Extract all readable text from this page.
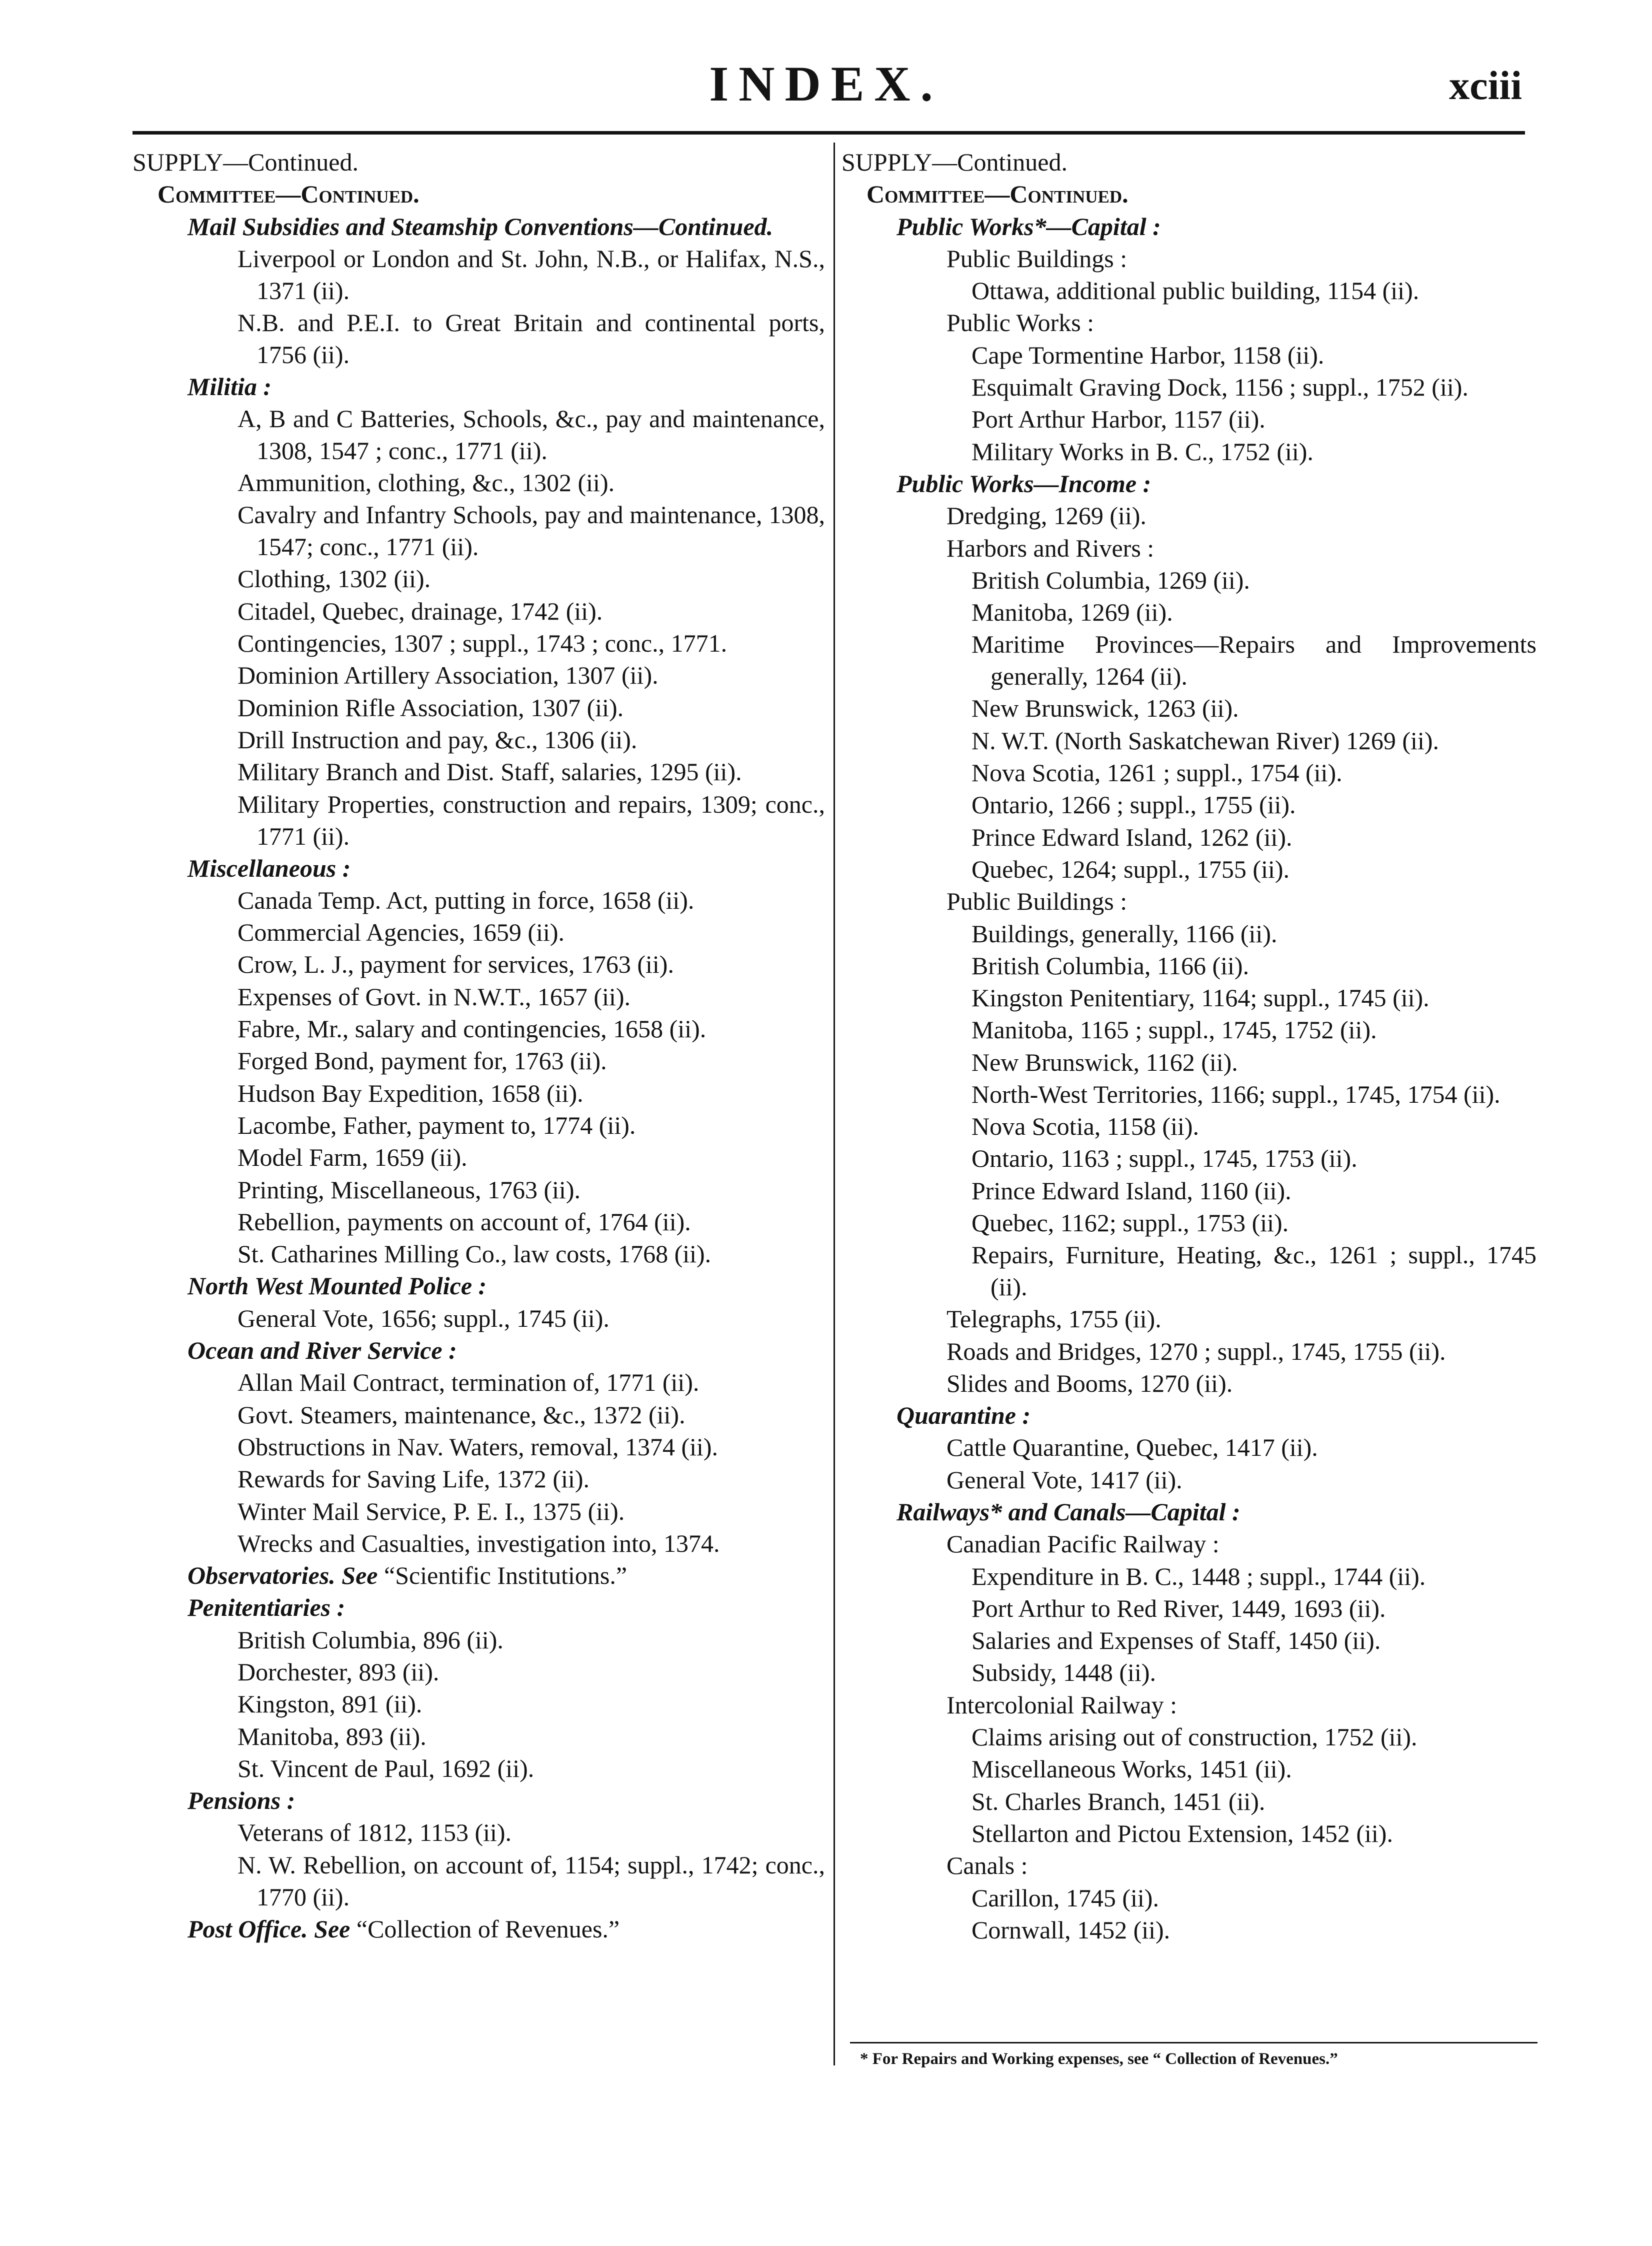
INDEX.	xciii
SUPPLY—Continued.
Committee—Continued.
Mail Subsidies and Steamship Conventions—Continued.
Liverpool or London and St. John, N.B., or Halifax, N.S., 1371 (ii).
N.B. and P.E.I. to Great Britain and continental ports, 1756 (ii).
Militia :
A, B and C Batteries, Schools, &c., pay and maintenance, 1308, 1547 ; conc., 1771 (ii).
Ammunition, clothing, &c., 1302 (ii).
Cavalry and Infantry Schools, pay and maintenance, 1308, 1547; conc., 1771 (ii).
Clothing, 1302 (ii).
Citadel, Quebec, drainage, 1742 (ii).
Contingencies, 1307 ; suppl., 1743 ; conc., 1771.
Dominion Artillery Association, 1307 (ii).
Dominion Rifle Association, 1307 (ii).
Drill Instruction and pay, &c., 1306 (ii).
Military Branch and Dist. Staff, salaries, 1295 (ii).
Military Properties, construction and repairs, 1309; conc., 1771 (ii).
Miscellaneous :
Canada Temp. Act, putting in force, 1658 (ii).
Commercial Agencies, 1659 (ii).
Crow, L. J., payment for services, 1763 (ii).
Expenses of Govt. in N.W.T., 1657 (ii).
Fabre, Mr., salary and contingencies, 1658 (ii).
Forged Bond, payment for, 1763 (ii).
Hudson Bay Expedition, 1658 (ii).
Lacombe, Father, payment to, 1774 (ii).
Model Farm, 1659 (ii).
Printing, Miscellaneous, 1763 (ii).
Rebellion, payments on account of, 1764 (ii).
St. Catharines Milling Co., law costs, 1768 (ii).
North West Mounted Police :
General Vote, 1656; suppl., 1745 (ii).
Ocean and River Service :
Allan Mail Contract, termination of, 1771 (ii).
Govt. Steamers, maintenance, &c., 1372 (ii).
Obstructions in Nav. Waters, removal, 1374 (ii).
Rewards for Saving Life, 1372 (ii).
Winter Mail Service, P. E. I., 1375 (ii).
Wrecks and Casualties, investigation into, 1374.
Observatories. See “Scientific Institutions.”
Penitentiaries :
British Columbia, 896 (ii).
Dorchester, 893 (ii).
Kingston, 891 (ii).
Manitoba, 893 (ii).
St. Vincent de Paul, 1692 (ii).
Pensions :
Veterans of 1812, 1153 (ii).
N. W. Rebellion, on account of, 1154; suppl., 1742; conc., 1770 (ii).
Post Office. See “Collection of Revenues.”
SUPPLY—Continued.
Committee—Continued.
Public Works*—Capital :
Public Buildings :
Ottawa, additional public building, 1154 (ii).
Public Works :
Cape Tormentine Harbor, 1158 (ii).
Esquimalt Graving Dock, 1156 ; suppl., 1752 (ii).
Port Arthur Harbor, 1157 (ii).
Military Works in B. C., 1752 (ii).
Public Works—Income :
Dredging, 1269 (ii).
Harbors and Rivers :
British Columbia, 1269 (ii).
Manitoba, 1269 (ii).
Maritime Provinces—Repairs and Improvements generally, 1264 (ii).
New Brunswick, 1263 (ii).
N. W.T. (North Saskatchewan River) 1269 (ii).
Nova Scotia, 1261 ; suppl., 1754 (ii).
Ontario, 1266 ; suppl., 1755 (ii).
Prince Edward Island, 1262 (ii).
Quebec, 1264; suppl., 1755 (ii).
Public Buildings :
Buildings, generally, 1166 (ii).
British Columbia, 1166 (ii).
Kingston Penitentiary, 1164; suppl., 1745 (ii).
Manitoba, 1165 ; suppl., 1745, 1752 (ii).
New Brunswick, 1162 (ii).
North-West Territories, 1166; suppl., 1745, 1754 (ii).
Nova Scotia, 1158 (ii).
Ontario, 1163 ; suppl., 1745, 1753 (ii).
Prince Edward Island, 1160 (ii).
Quebec, 1162; suppl., 1753 (ii).
Repairs, Furniture, Heating, &c., 1261 ; suppl., 1745 (ii).
Telegraphs, 1755 (ii).
Roads and Bridges, 1270 ; suppl., 1745, 1755 (ii).
Slides and Booms, 1270 (ii).
Quarantine :
Cattle Quarantine, Quebec, 1417 (ii).
General Vote, 1417 (ii).
Railways* and Canals—Capital :
Canadian Pacific Railway :
Expenditure in B. C., 1448 ; suppl., 1744 (ii).
Port Arthur to Red River, 1449, 1693 (ii).
Salaries and Expenses of Staff, 1450 (ii).
Subsidy, 1448 (ii).
Intercolonial Railway :
Claims arising out of construction, 1752 (ii).
Miscellaneous Works, 1451 (ii).
St. Charles Branch, 1451 (ii).
Stellarton and Pictou Extension, 1452 (ii).
Canals :
Carillon, 1745 (ii).
Cornwall, 1452 (ii).
* For Repairs and Working expenses, see “ Collection of Revenues.”
